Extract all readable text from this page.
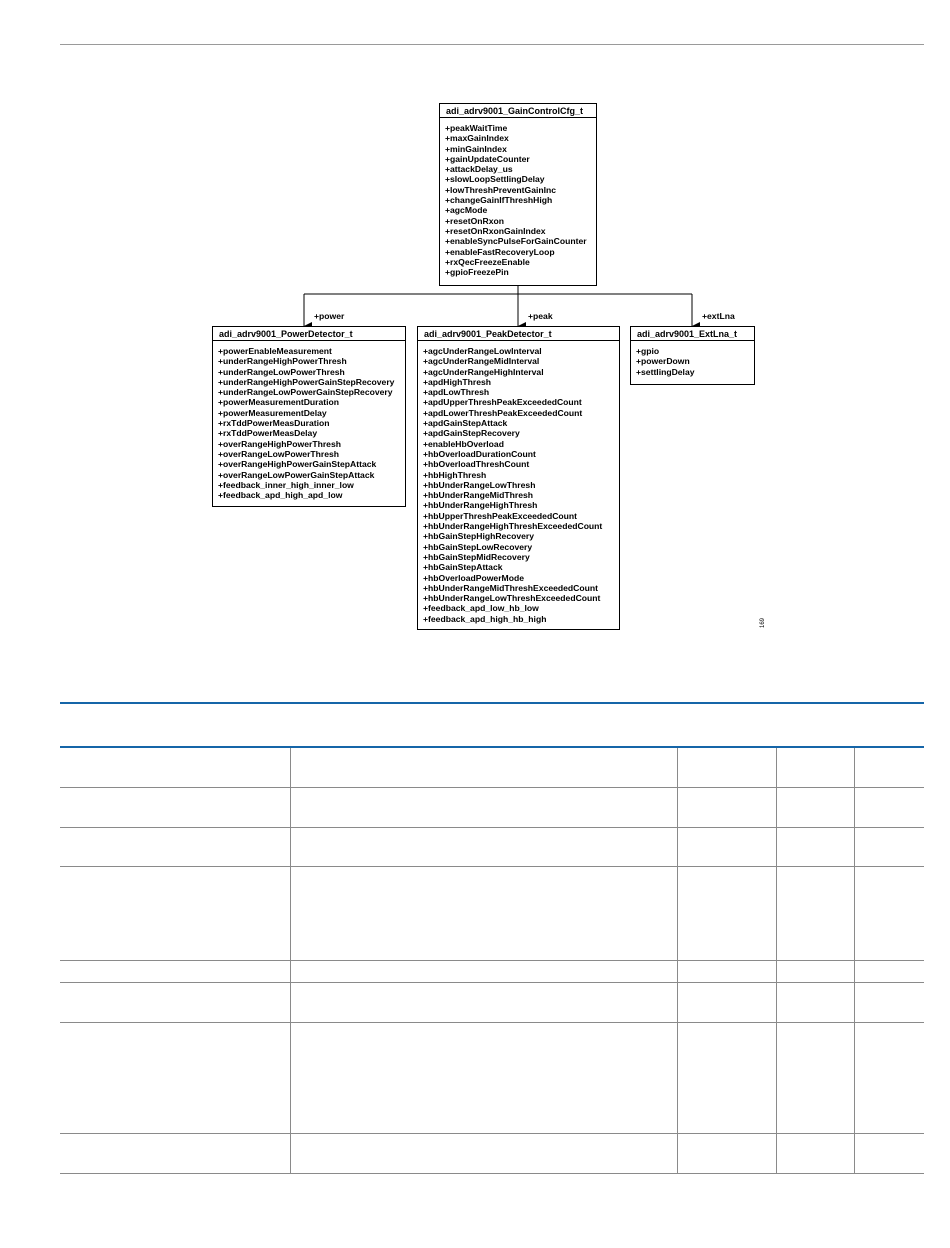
+power	+peak	+extLna
adi_adrv9001_GainControlCfg_t
+peakWaitTime
+maxGainIndex
+minGainIndex
+gainUpdateCounter
+attackDelay_us
+slowLoopSettlingDelay
+lowThreshPreventGainInc
+changeGainIfThreshHigh
+agcMode
+resetOnRxon
+resetOnRxonGainIndex
+enableSyncPulseForGainCounter
+enableFastRecoveryLoop
+rxQecFreezeEnable
+gpioFreezePin
adi_adrv9001_PowerDetector_t
+powerEnableMeasurement
+underRangeHighPowerThresh
+underRangeLowPowerThresh
+underRangeHighPowerGainStepRecovery
+underRangeLowPowerGainStepRecovery
+powerMeasurementDuration
+powerMeasurementDelay
+rxTddPowerMeasDuration
+rxTddPowerMeasDelay
+overRangeHighPowerThresh
+overRangeLowPowerThresh
+overRangeHighPowerGainStepAttack
+overRangeLowPowerGainStepAttack
+feedback_inner_high_inner_low
+feedback_apd_high_apd_low
adi_adrv9001_PeakDetector_t
+agcUnderRangeLowInterval
+agcUnderRangeMidInterval
+agcUnderRangeHighInterval
+apdHighThresh
+apdLowThresh
+apdUpperThreshPeakExceededCount
+apdLowerThreshPeakExceededCount
+apdGainStepAttack
+apdGainStepRecovery
+enableHbOverload
+hbOverloadDurationCount
+hbOverloadThreshCount
+hbHighThresh
+hbUnderRangeLowThresh
+hbUnderRangeMidThresh
+hbUnderRangeHighThresh
+hbUpperThreshPeakExceededCount
+hbUnderRangeHighThreshExceededCount
+hbGainStepHighRecovery
+hbGainStepLowRecovery
+hbGainStepMidRecovery
+hbGainStepAttack
+hbOverloadPowerMode
+hbUnderRangeMidThreshExceededCount
+hbUnderRangeLowThreshExceededCount
+feedback_apd_low_hb_low
+feedback_apd_high_hb_high
adi_adrv9001_ExtLna_t
+gpio
+powerDown
+settlingDelay
169
